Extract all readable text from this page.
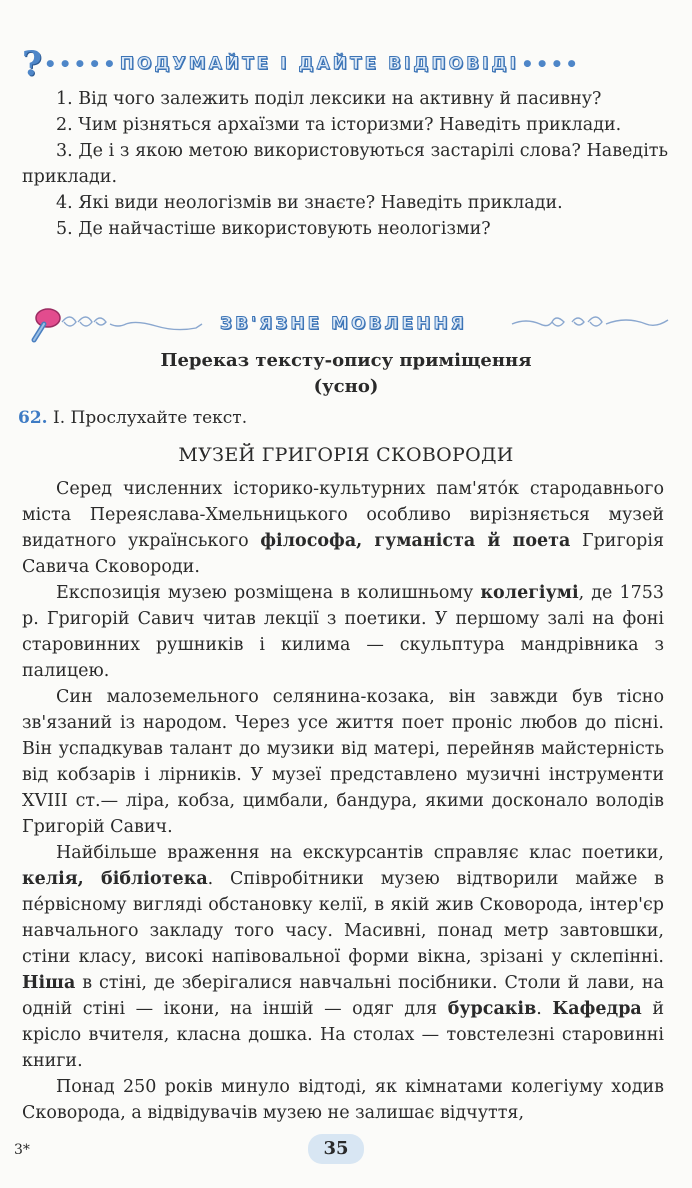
? ••••• ПОДУМАЙТЕ І ДАЙТЕ ВІДПОВІДІ ••••

1. Від чого залежить поділ лексики на активну й пасивну?

2. Чим різняться архаїзми та історизми? Наведіть приклади.

3. Де і з якою метою використовуються застарілі слова? Наведіть приклади.

4. Які види неологізмів ви знаєте? Наведіть приклади.

5. Де найчастіше використовують неологізми?

ЗВ'ЯЗНЕ МОВЛЕННЯ
Переказ тексту-опису приміщення
(усно)
62. І. Прослухайте текст.
МУЗЕЙ ГРИГОРІЯ СКОВОРОДИ

Серед численних історико-культурних пам'ято́к стародавнього міста Переяслава-Хмельницького особливо вирізняється музей видатного українського філософа, гуманіста й поета Григорія Савича Сковороди.

Експозиція музею розміщена в колишньому колегіумі, де 1753 р. Григорій Савич читав лекції з поетики. У першому залі на фоні старовинних рушників і килима — скульптура мандрівника з палицею.

Син малоземельного селянина-козака, він завжди був тісно зв'язаний із народом. Через усе життя поет проніс любов до пісні. Він успадкував талант до музики від матері, перейняв майстерність від кобзарів і лірників. У музеї представлено музичні інструменти XVIII ст.— ліра, кобза, цимбали, бандура, якими досконало володів Григорій Савич.

Найбільше враження на екскурсантів справляє клас поетики, келія, бібліотека. Співробітники музею відтворили майже в пе́рвісному вигляді обстановку келії, в якій жив Сковорода, інтер'єр навчального закладу того часу. Масивні, понад метр завтовшки, стіни класу, високі напівовальної форми вікна, зрізані у склепінні. Ніша в стіні, де зберігалися навчальні посібники. Столи й лави, на одній стіні — ікони, на іншій — одяг для бурсаків. Кафедра й крісло вчителя, класна дошка. На столах — товстелезні старовинні книги.

Понад 250 років минуло відтоді, як кімнатами колегіуму ходив Сковорода, а відвідувачів музею не залишає відчуття,

3*	35
